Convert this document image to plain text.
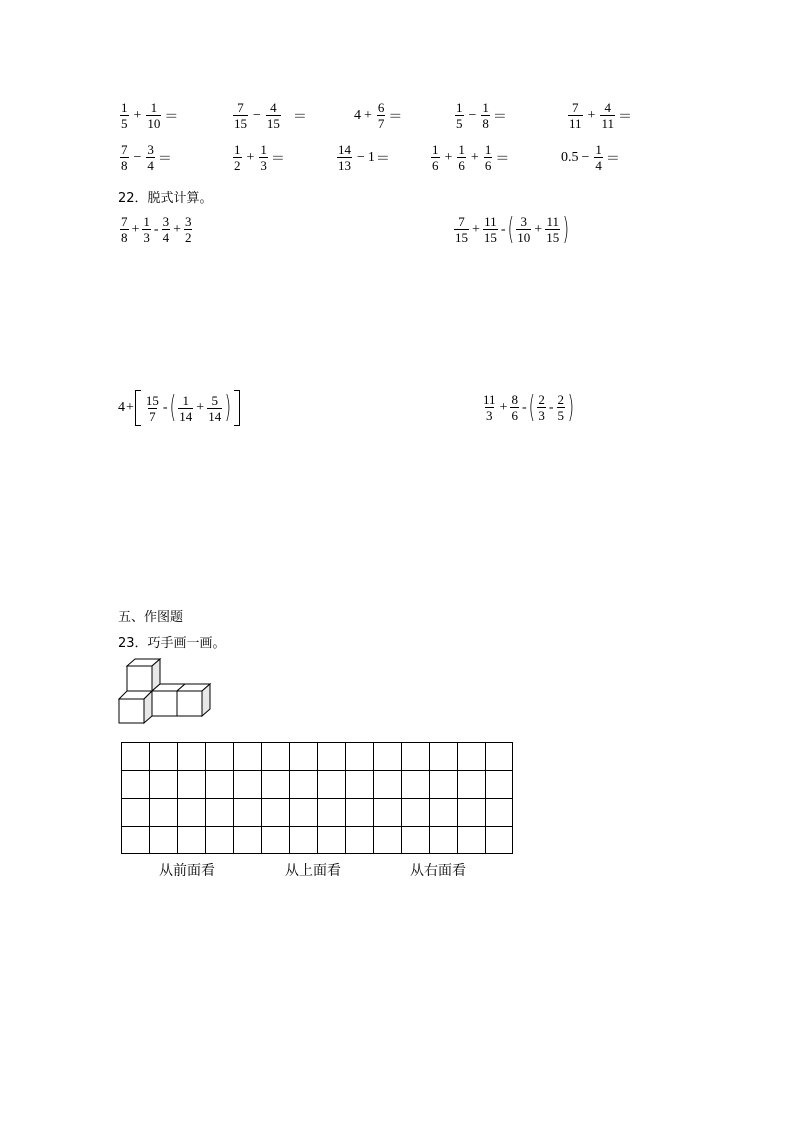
$\frac{1}{5} + \frac{1}{10}$ ＝	$\frac{7}{15} - \frac{4}{15}$ ＝	$4 + \frac{6}{7}$ ＝	$\frac{1}{5} - \frac{1}{8}$ ＝	$\frac{7}{11} + \frac{4}{11}$ ＝
$\frac{7}{8} - \frac{3}{4}$ ＝	$\frac{1}{2} + \frac{1}{3}$ ＝	$\frac{14}{13} - 1$ ＝	$\frac{1}{6} + \frac{1}{6} + \frac{1}{6}$ ＝	$0.5 - \frac{1}{4}$ ＝
22．脱式计算。
$\frac{7}{8} + \frac{1}{3} - \frac{3}{4} + \frac{3}{2}$	$\frac{7}{15} + \frac{11}{15}$ - ( $\frac{3}{10} + \frac{11}{15}$ )
$4 + \frac{15}{7}$ - ( $\frac{1}{14} + \frac{5}{14}$ )	$\frac{11}{3} + \frac{8}{6}$ - ( $\frac{2}{3} - \frac{2}{5}$ )
五、作图题
23．巧手画一画。
从前面看	从上面看	从右面看
